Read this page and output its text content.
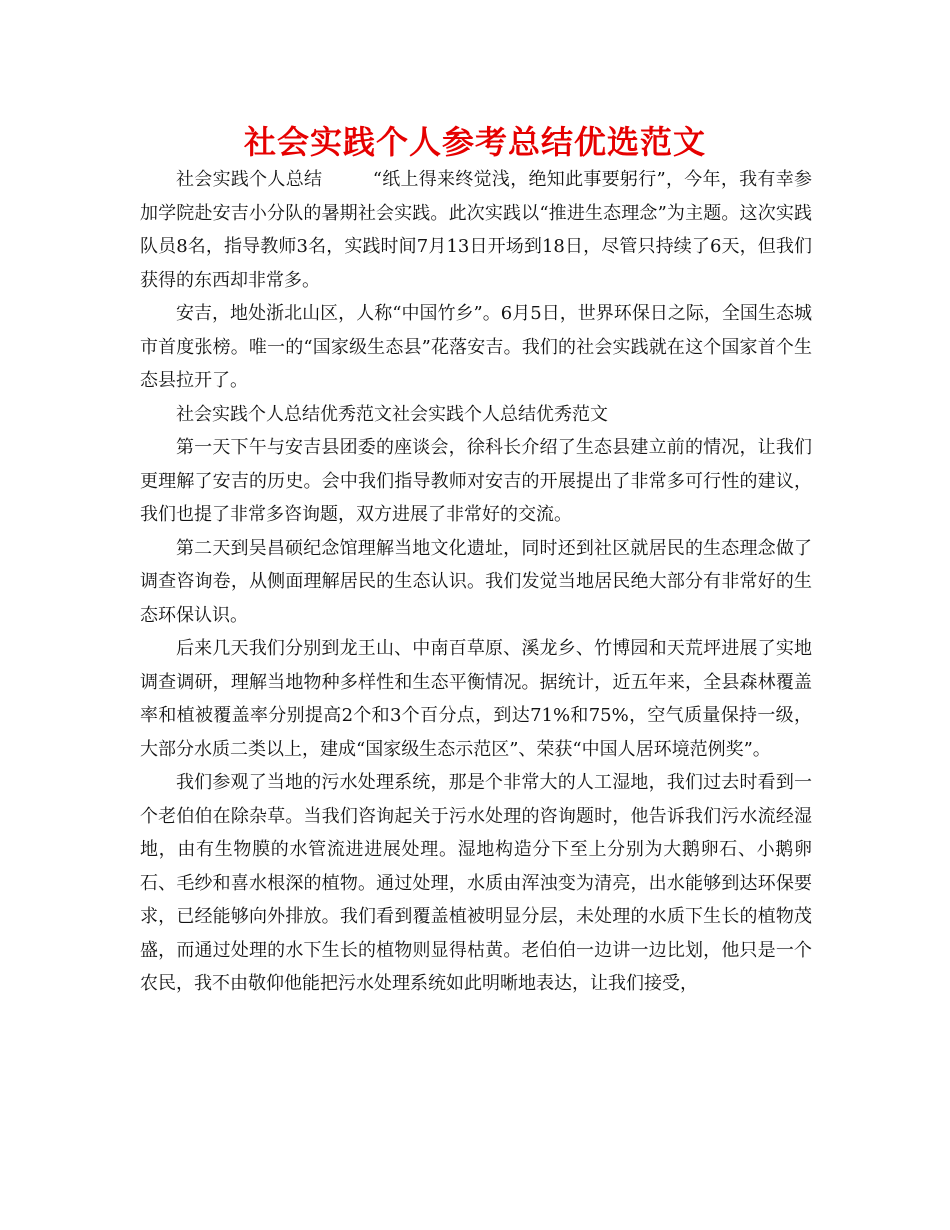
社会实践个人参考总结优选范文

社会实践个人总结	“纸上得来终觉浅，绝知此事要躬行”，今年，我有幸参加学院赴安吉小分队的暑期社会实践。此次实践以“推进生态理念”为主题。这次实践队员8名，指导教师3名，实践时间7月13日开场到18日，尽管只持续了6天，但我们获得的东西却非常多。

安吉，地处浙北山区，人称“中国竹乡”。6月5日，世界环保日之际，全国生态城市首度张榜。唯一的“国家级生态县”花落安吉。我们的社会实践就在这个国家首个生态县拉开了。

社会实践个人总结优秀范文社会实践个人总结优秀范文

第一天下午与安吉县团委的座谈会，徐科长介绍了生态县建立前的情况，让我们更理解了安吉的历史。会中我们指导教师对安吉的开展提出了非常多可行性的建议，我们也提了非常多咨询题，双方进展了非常好的交流。

第二天到吴昌硕纪念馆理解当地文化遗址，同时还到社区就居民的生态理念做了调查咨询卷，从侧面理解居民的生态认识。我们发觉当地居民绝大部分有非常好的生态环保认识。

后来几天我们分别到龙王山、中南百草原、溪龙乡、竹博园和天荒坪进展了实地调查调研，理解当地物种多样性和生态平衡情况。据统计，近五年来，全县森林覆盖率和植被覆盖率分别提高2个和3个百分点，到达71%和75%，空气质量保持一级，大部分水质二类以上，建成“国家级生态示范区”、荣获“中国人居环境范例奖”。

我们参观了当地的污水处理系统，那是个非常大的人工湿地，我们过去时看到一个老伯伯在除杂草。当我们咨询起关于污水处理的咨询题时，他告诉我们污水流经湿地，由有生物膜的水管流进进展处理。湿地构造分下至上分别为大鹅卵石、小鹅卵石、毛纱和喜水根深的植物。通过处理，水质由浑浊变为清亮，出水能够到达环保要求，已经能够向外排放。我们看到覆盖植被明显分层，未处理的水质下生长的植物茂盛，而通过处理的水下生长的植物则显得枯黄。老伯伯一边讲一边比划，他只是一个农民，我不由敬仰他能把污水处理系统如此明晰地表达，让我们接受，
